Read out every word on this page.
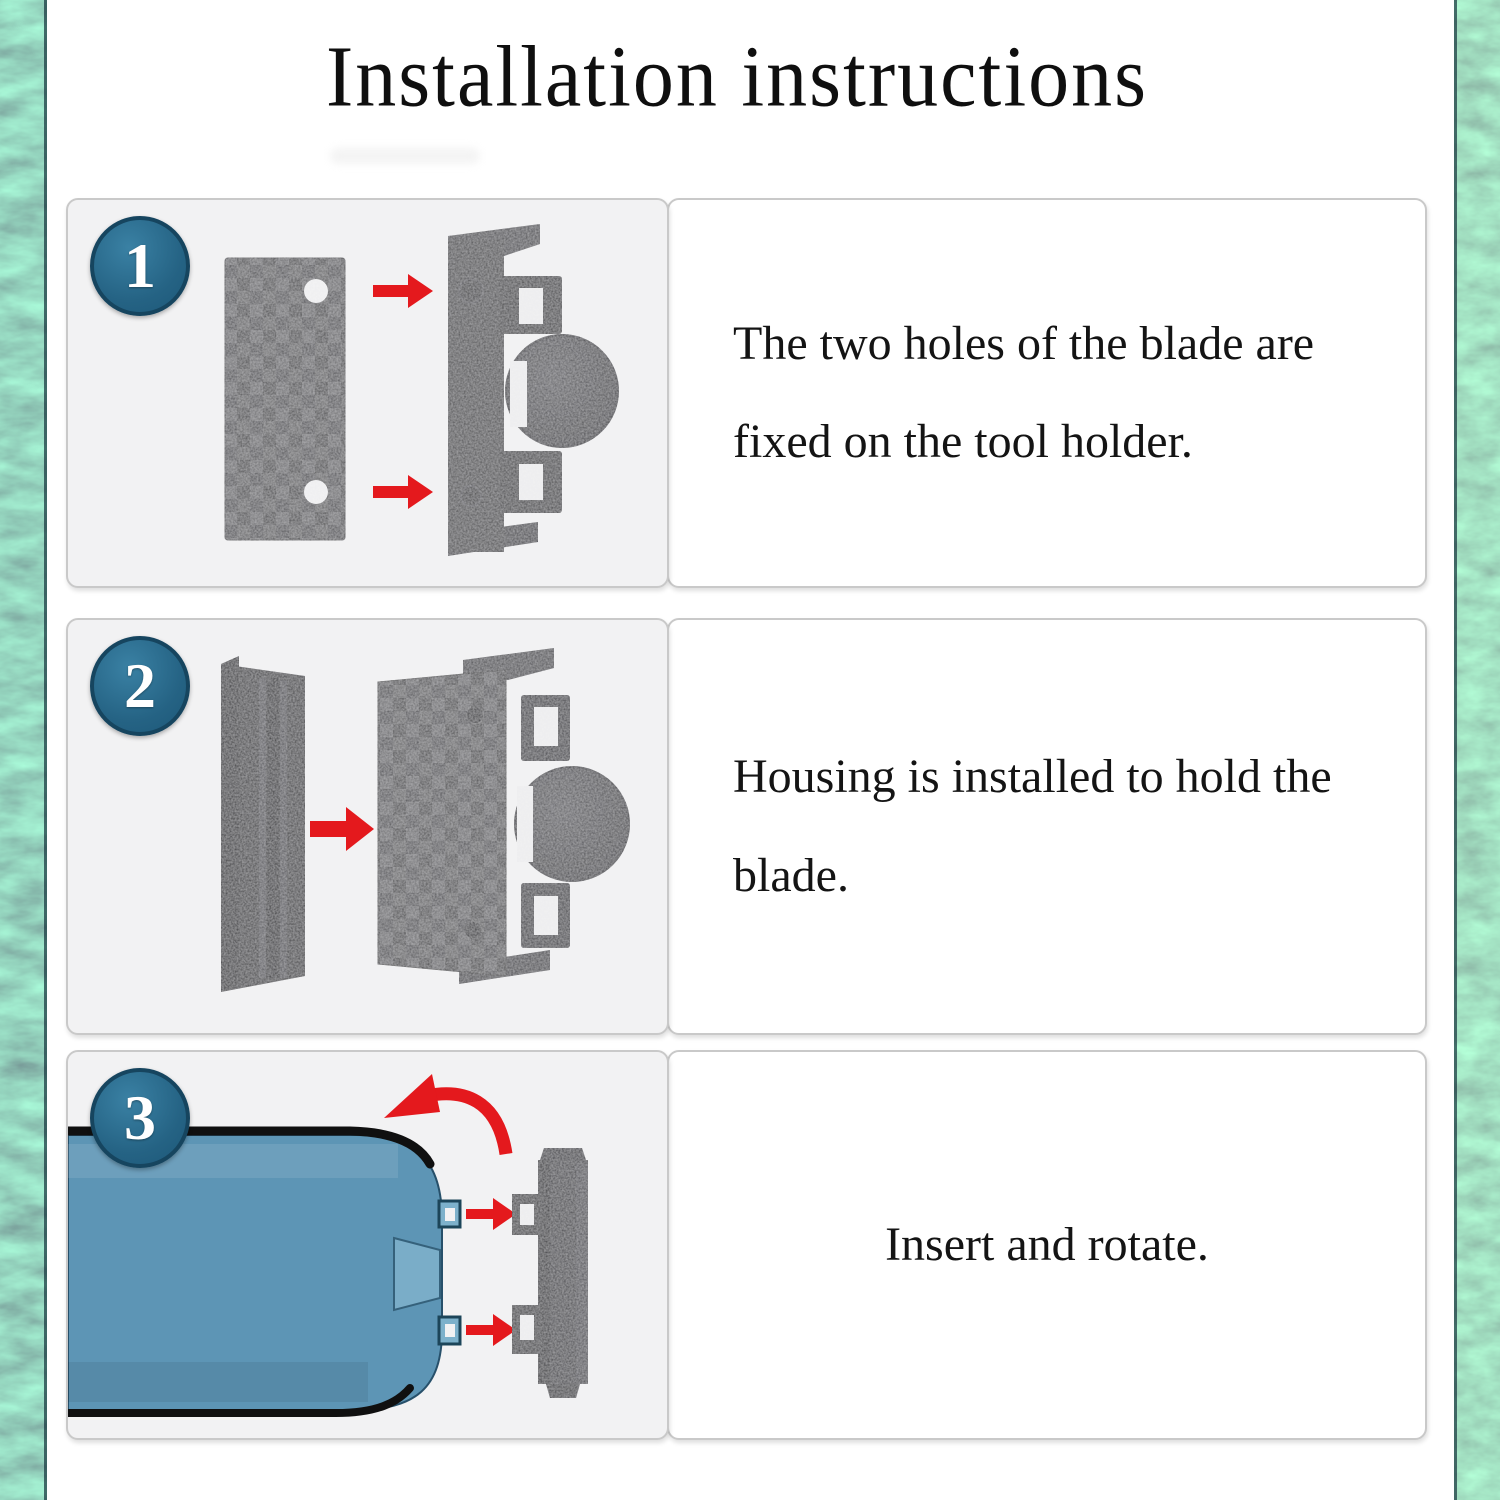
Installation instructions
1

The two holes of the blade are fixed on the tool holder.

2

Housing is installed to hold the blade.

3

Insert and rotate.
